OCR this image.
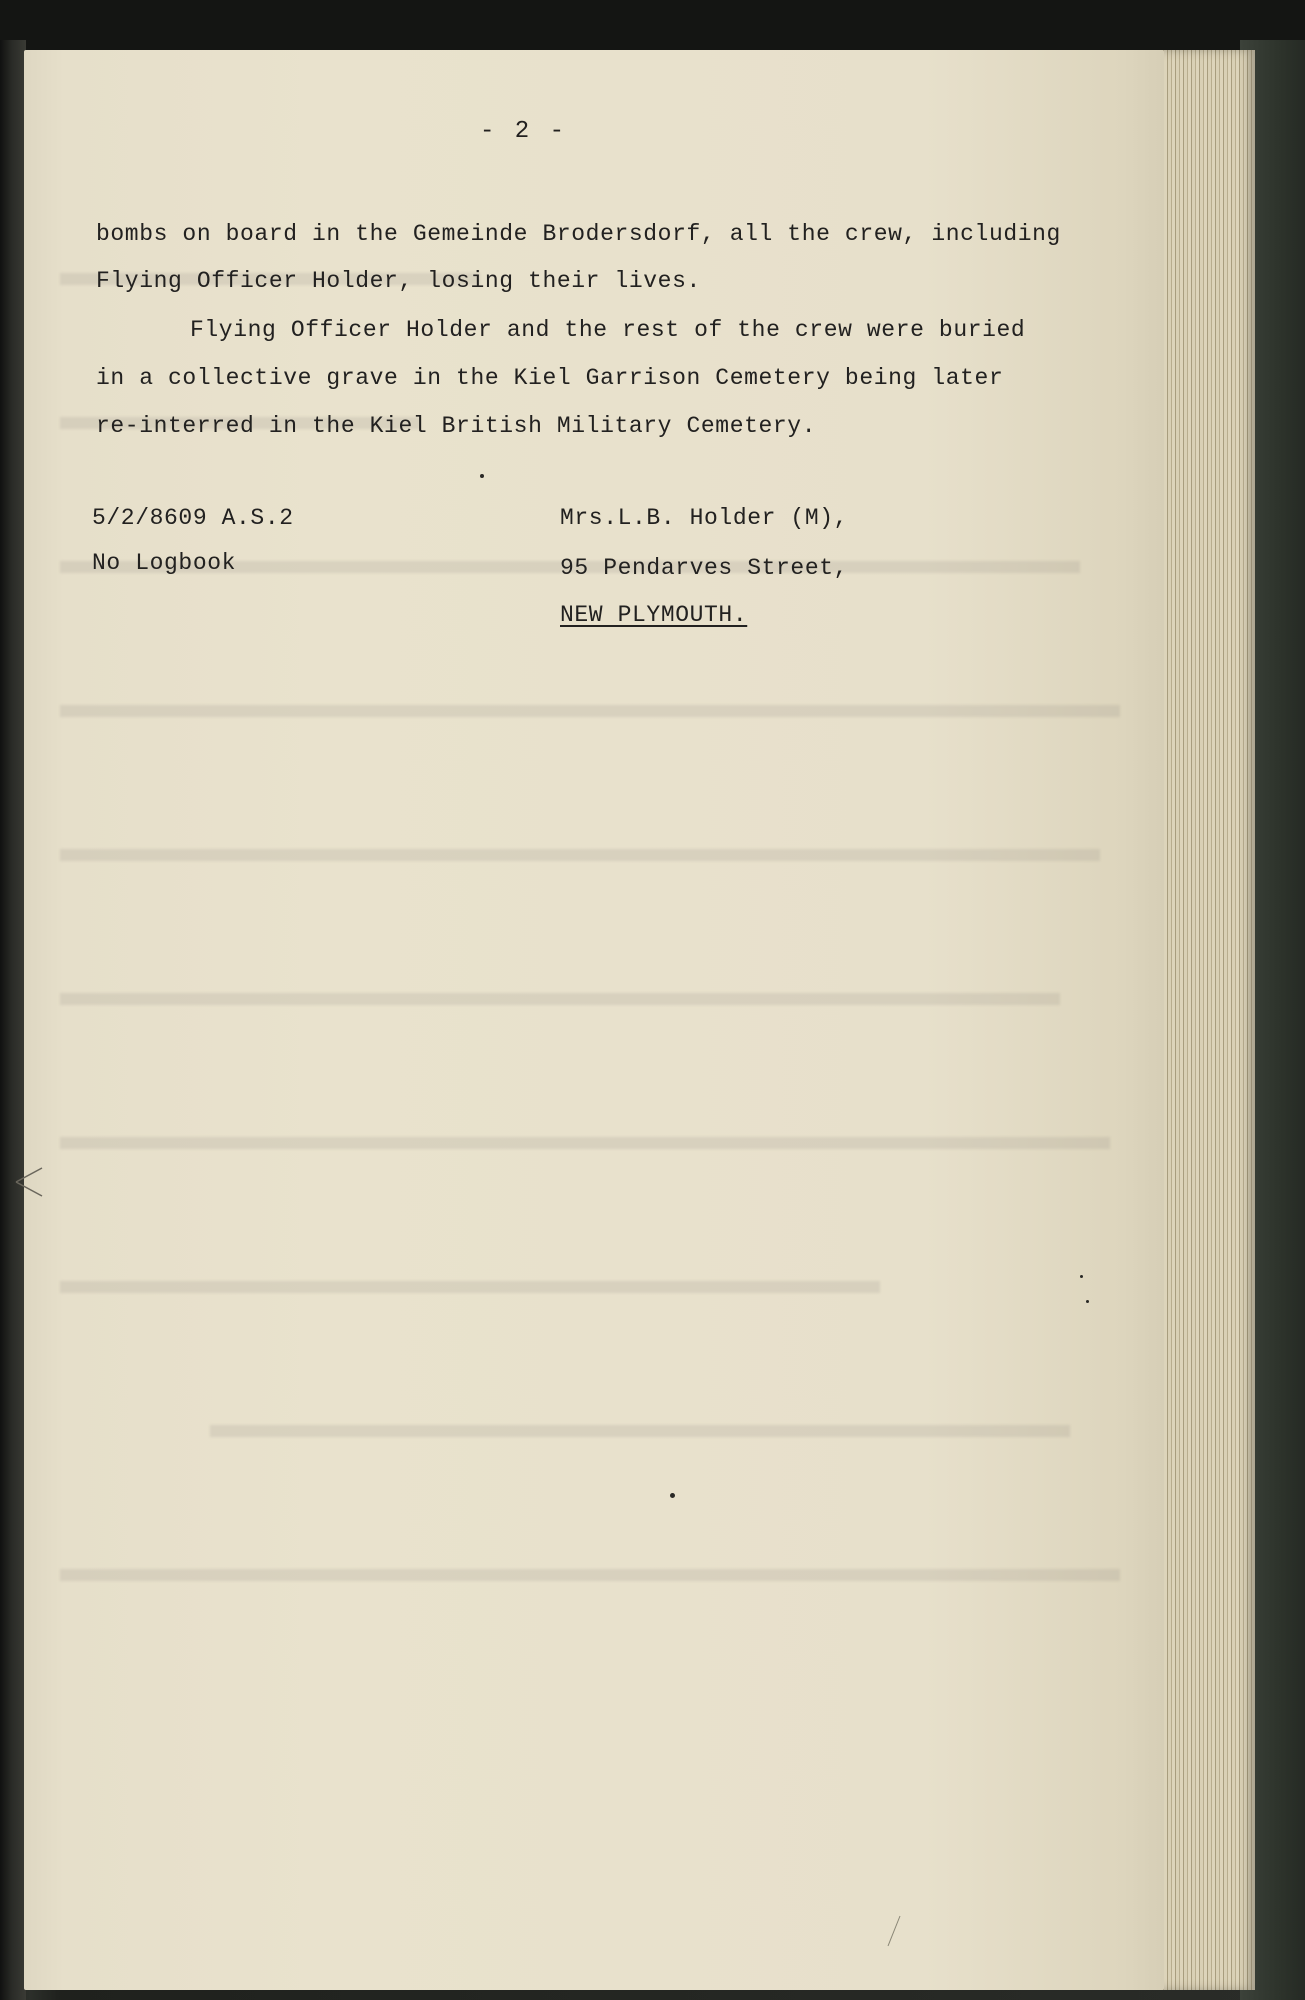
- 2 -
bombs on board in the Gemeinde Brodersdorf, all the crew, including
Flying Officer Holder, losing their lives.
Flying Officer Holder and the rest of the crew were buried
in a collective grave in the Kiel Garrison Cemetery being later
re-interred in the Kiel British Military Cemetery.
5/2/8609 A.S.2
No Logbook
Mrs.L.B. Holder (M),
95 Pendarves Street,
NEW PLYMOUTH.
